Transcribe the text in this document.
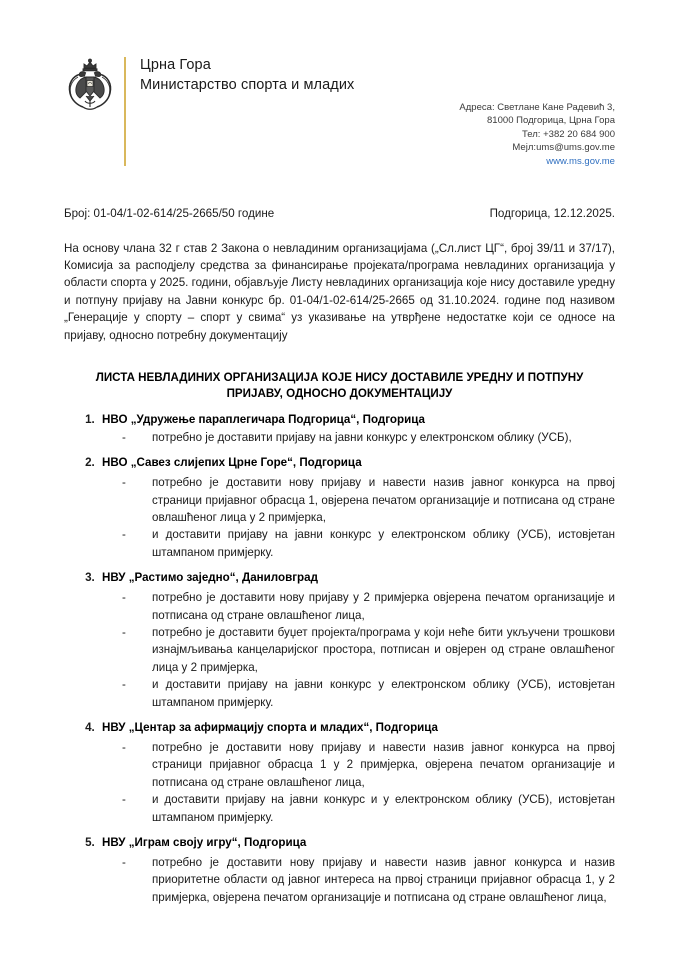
Црна Гора
Министарство спорта и младих
Адреса: Светлане Кане Радевић 3,
81000 Подгорица, Црна Гора
Тел: +382 20 684 900
Мејл:ums@ums.gov.me
www.ms.gov.me
Број: 01-04/1-02-614/25-2665/50 године	Подгорица, 12.12.2025.

На основу члана 32 г став 2 Закона о невладиним организацијама („Сл.лист ЦГ“, број 39/11 и 37/17), Комисија за расподјелу средства за финансирање пројеката/програма невладиних организација у области спорта у 2025. години, објављује Листу невладиних организација које нису доставиле уредну и потпуну пријаву на Јавни конкурс бр. 01-04/1-02-614/25-2665 од 31.10.2024. године под називом „Генерације у спорту – спорт у свима“ уз указивање на утврђене недостатке који се односе на пријаву, односно потребну документацију

ЛИСТА НЕВЛАДИНИХ ОРГАНИЗАЦИЈА КОЈЕ НИСУ ДОСТАВИЛЕ УРЕДНУ И ПОТПУНУ ПРИЈАВУ, ОДНОСНО ДОКУМЕНТАЦИЈУ
1. НВО „Удружење параплегичара Подгорица“, Подгорица
- потребно је доставити пријаву на јавни конкурс у електронском облику (УСБ),
2. НВО „Савез слијепих Црне Горе“, Подгорица
- потребно је доставити нову пријаву и навести назив јавног конкурса на првој страници пријавног обрасца 1, овјерена печатом организације и потписана од стране овлашћеног лица у 2 примјерка,
- и доставити пријаву на јавни конкурс у електронском облику (УСБ), истовјетан штампаном примјерку.
3. НВУ „Растимо заједно“, Даниловград
- потребно је доставити нову пријаву у 2 примјерка овјерена печатом организације и потписана од стране овлашћеног лица,
- потребно је доставити буџет пројекта/програма у који неће бити укључени трошкови изнајмљивања канцеларијског простора, потписан и овјерен од стране овлашћеног лица у 2 примјерка,
- и доставити пријаву на јавни конкурс у електронском облику (УСБ), истовјетан штампаном примјерку.
4. НВУ „Центар за афирмацију спорта и младих“, Подгорица
- потребно је доставити нову пријаву и навести назив јавног конкурса на првој страници пријавног обрасца 1 у 2 примјерка, овјерена печатом организације и потписана од стране овлашћеног лица,
- и доставити пријаву на јавни конкурс и у електронском облику (УСБ), истовјетан штампаном примјерку.
5. НВУ „Играм своју игру“, Подгорица
- потребно је доставити нову пријаву и навести назив јавног конкурса и назив приоритетне области од јавног интереса на првој страници пријавног обрасца 1, у 2 примјерка, овјерена печатом организације и потписана од стране овлашћеног лица,
